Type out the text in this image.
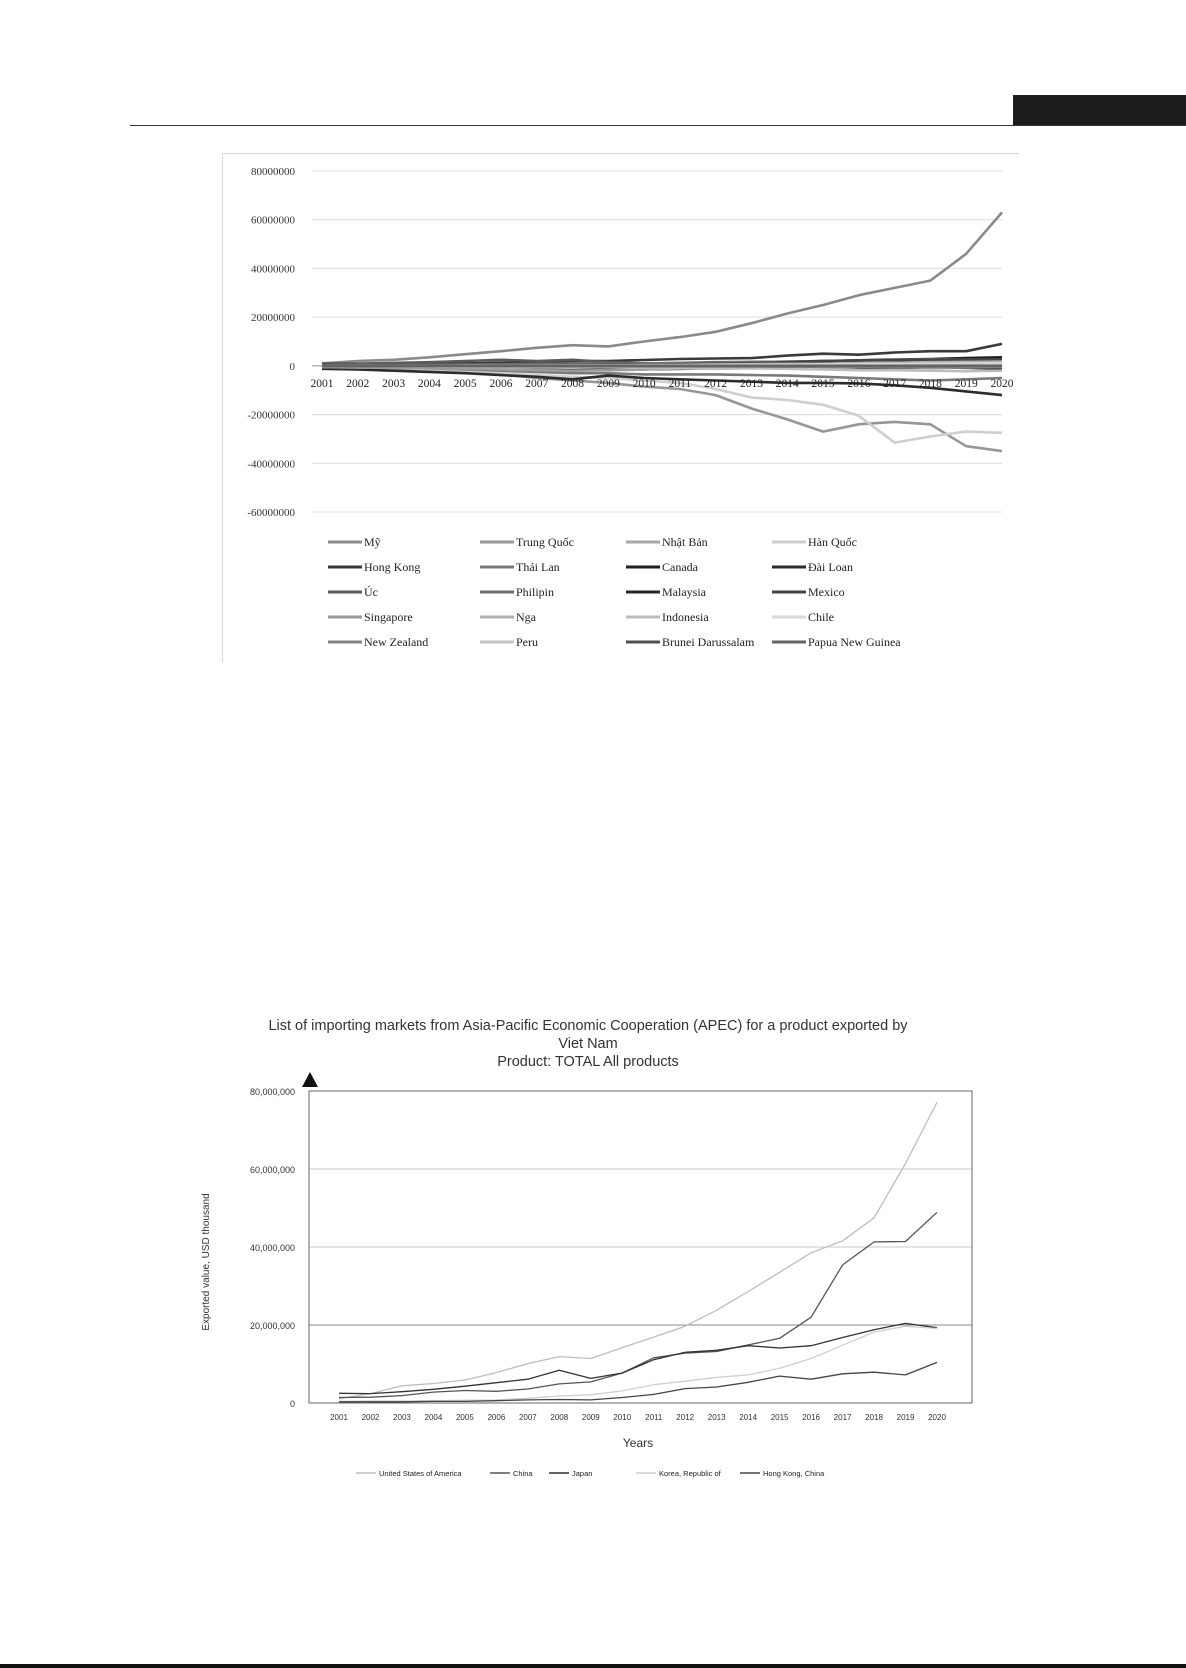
80000000
60000000
40000000
20000000
0
-20000000
-40000000
-60000000
2001 2002 2003 2004 2005 2006 2007 2008 2009 2010 2011 2012 2013 2014 2015 2016 2017 2018 2019 2020
Mỹ	Trung Quốc	Nhật Bản	Hàn Quốc
Hong Kong	Thái Lan	Canada	Đài Loan
Úc	Philipin	Malaysia	Mexico
Singapore	Nga	Indonesia	Chile
New Zealand	Peru	Brunei Darussalam	Papua New Guinea
List of importing markets from Asia-Pacific Economic Cooperation (APEC) for a product exported by Viet Nam
Product: TOTAL All products
80,000,000
60,000,000
40,000,000
20,000,000
0
Exported value, USD thousand
2001 2002 2003 2004 2005 2006 2007 2008 2009 2010 2011 2012 2013 2014 2015 2016 2017 2018 2019 2020
Years
United States of America	China	Japan	Korea, Republic of	Hong Kong, China
